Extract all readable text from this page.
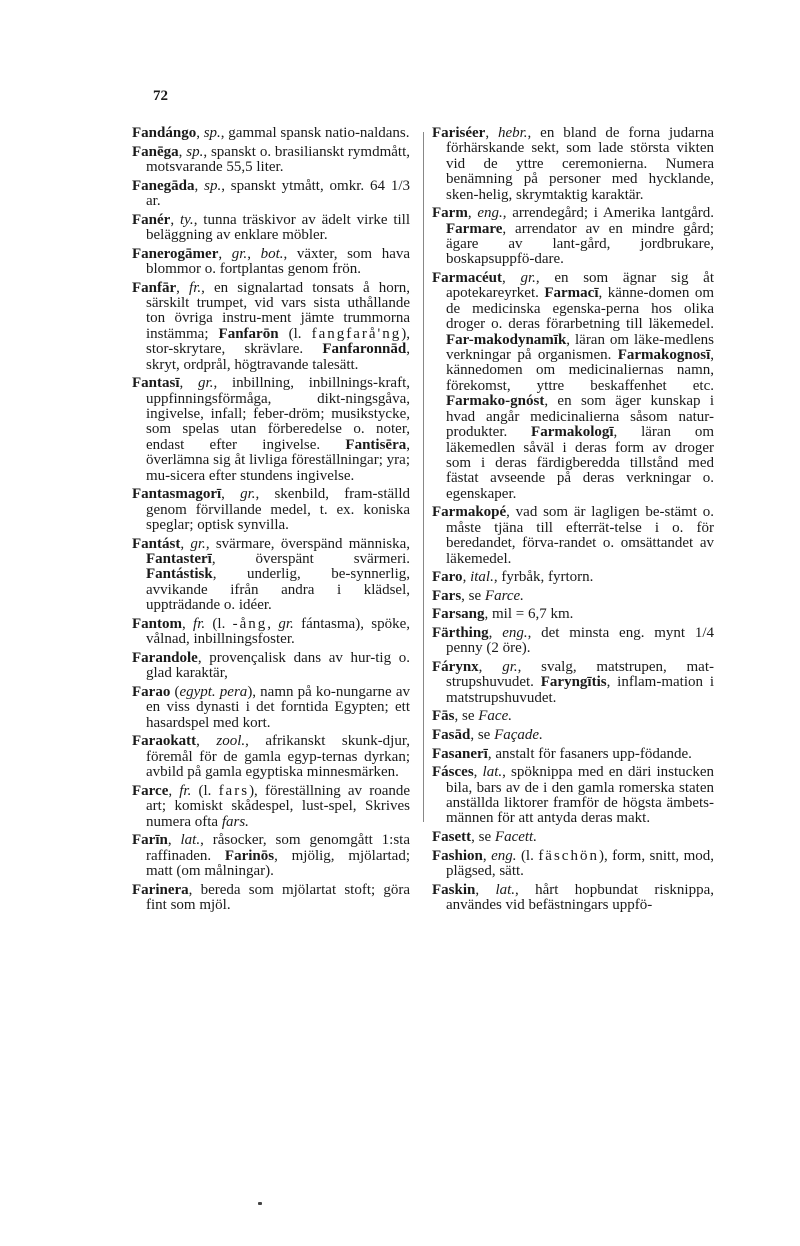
72

Fandángo, sp., gammal spansk natio-naldans.

Fanēga, sp., spanskt o. brasilianskt rymdmått, motsvarande 55,5 liter.

Fanegāda, sp., spanskt ytmått, omkr. 64 1/3 ar.

Fanér, ty., tunna träskivor av ädelt virke till beläggning av enklare möbler.

Fanerogāmer, gr., bot., växter, som hava blommor o. fortplantas genom frön.

Fanfār, fr., en signalartad tonsats å horn, särskilt trumpet, vid vars sista uthållande ton övriga instru-ment jämte trummorna instämma; Fanfarōn (l. fangfarå'ng), stor-skrytare, skrävlare. Fanfaronnād, skryt, ordprål, högtravande talesätt.

Fantasī, gr., inbillning, inbillnings-kraft, uppfinningsförmåga, dikt-ningsgåva, ingivelse, infall; feber-dröm; musikstycke, som spelas utan förberedelse o. noter, endast efter ingivelse. Fantisēra, överlämna sig åt livliga föreställningar; yra; mu-sicera efter stundens ingivelse.

Fantasmagorī, gr., skenbild, fram-ställd genom förvillande medel, t. ex. koniska speglar; optisk synvilla.

Fantást, gr., svärmare, överspänd människa, Fantasterī, överspänt svärmeri. Fantástisk, underlig, be-synnerlig, avvikande ifrån andra i klädsel, uppträdande o. idéer.

Fantom, fr. (l. -ång, gr. fántasma), spöke, vålnad, inbillningsfoster.

Farandole, provençalisk dans av hur-tig o. glad karaktär,

Farao (egypt. pera), namn på ko-nungarne av en viss dynasti i det forntida Egypten; ett hasardspel med kort.

Faraokatt, zool., afrikanskt skunk-djur, föremål för de gamla egyp-ternas dyrkan; avbild på gamla egyptiska minnesmärken.

Farce, fr. (l. fars), föreställning av roande art; komiskt skådespel, lust-spel, Skrives numera ofta fars.

Farīn, lat., råsocker, som genomgått 1:sta raffinaden. Farinōs, mjölig, mjölartad; matt (om målningar).

Farinera, bereda som mjölartat stoft; göra fint som mjöl.

Fariséer, hebr., en bland de forna judarna förhärskande sekt, som lade största vikten vid de yttre ceremonierna. Numera benämning på personer med hycklande, sken-helig, skrymtaktig karaktär.

Farm, eng., arrendegård; i Amerika lantgård. Farmare, arrendator av en mindre gård; ägare av lant-gård, jordbrukare, boskapsuppfö-dare.

Farmacéut, gr., en som ägnar sig åt apotekareyrket. Farmacī, känne-domen om de medicinska egenska-perna hos olika droger o. deras förarbetning till läkemedel. Far-makodynamīk, läran om läke-medlens verkningar på organismen. Farmakognosī, kännedomen om medicinaliernas namn, förekomst, yttre beskaffenhet etc. Farmako-gnóst, en som äger kunskap i hvad angår medicinalierna såsom natur-produkter. Farmakologī, läran om läkemedlen såväl i deras form av droger som i deras färdigberedda tillstånd med fästat avseende på deras verkningar o. egenskaper.

Farmakopé, vad som är lagligen be-stämt o. måste tjäna till efterrät-telse i o. för beredandet, förva-randet o. omsättandet av läkemedel.

Faro, ital., fyrbåk, fyrtorn.

Fars, se Farce.

Farsang, mil = 6,7 km.

Färthing, eng., det minsta eng. mynt 1/4 penny (2 öre).

Fárynx, gr., svalg, matstrupen, mat-strupshuvudet. Faryngītis, inflam-mation i matstrupshuvudet.

Fās, se Face.

Fasād, se Façade.

Fasanerī, anstalt för fasaners upp-födande.

Fásces, lat., spöknippa med en däri instucken bila, bars av de i den gamla romerska staten anställda liktorer framför de högsta ämbets-männen för att antyda deras makt.

Fasett, se Facett.

Fashion, eng. (l. fäschön), form, snitt, mod, plägsed, sätt.

Faskin, lat., hårt hopbundat risknippa, användes vid befästningars uppfö-
